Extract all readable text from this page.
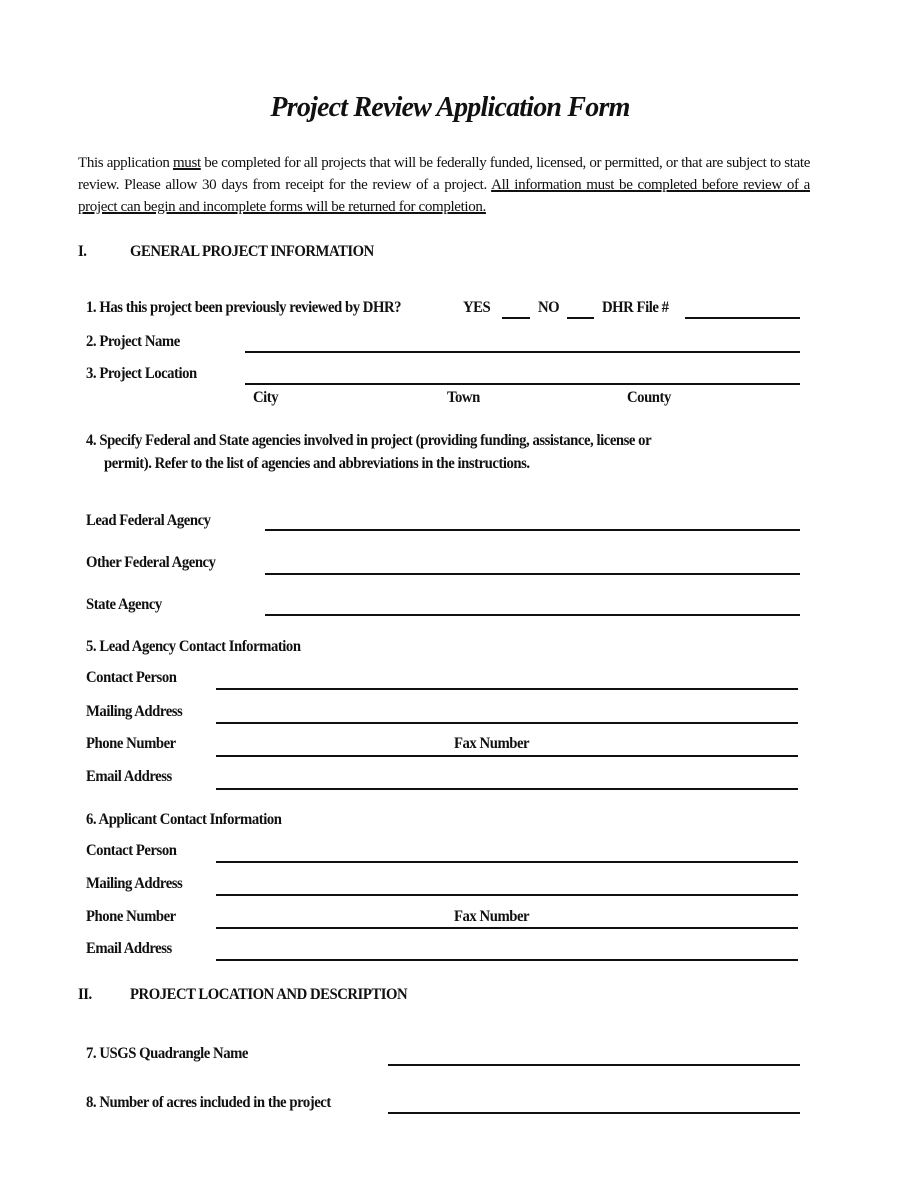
Project Review Application Form
This application must be completed for all projects that will be federally funded, licensed, or permitted, or that are subject to state review. Please allow 30 days from receipt for the review of a project. All information must be completed before review of a project can begin and incomplete forms will be returned for completion.
I.	GENERAL PROJECT INFORMATION
1. Has this project been previously reviewed by DHR?	YES	NO	DHR File #
2. Project Name
3. Project Location
City	Town	County
4. Specify Federal and State agencies involved in project (providing funding, assistance, license or
permit). Refer to the list of agencies and abbreviations in the instructions.
Lead Federal Agency
Other Federal Agency
State Agency
5. Lead Agency Contact Information
Contact Person
Mailing Address
Phone Number	Fax Number
Email Address
6. Applicant Contact Information
Contact Person
Mailing Address
Phone Number	Fax Number
Email Address
II. PROJECT LOCATION AND DESCRIPTION
7. USGS Quadrangle Name
8. Number of acres included in the project
